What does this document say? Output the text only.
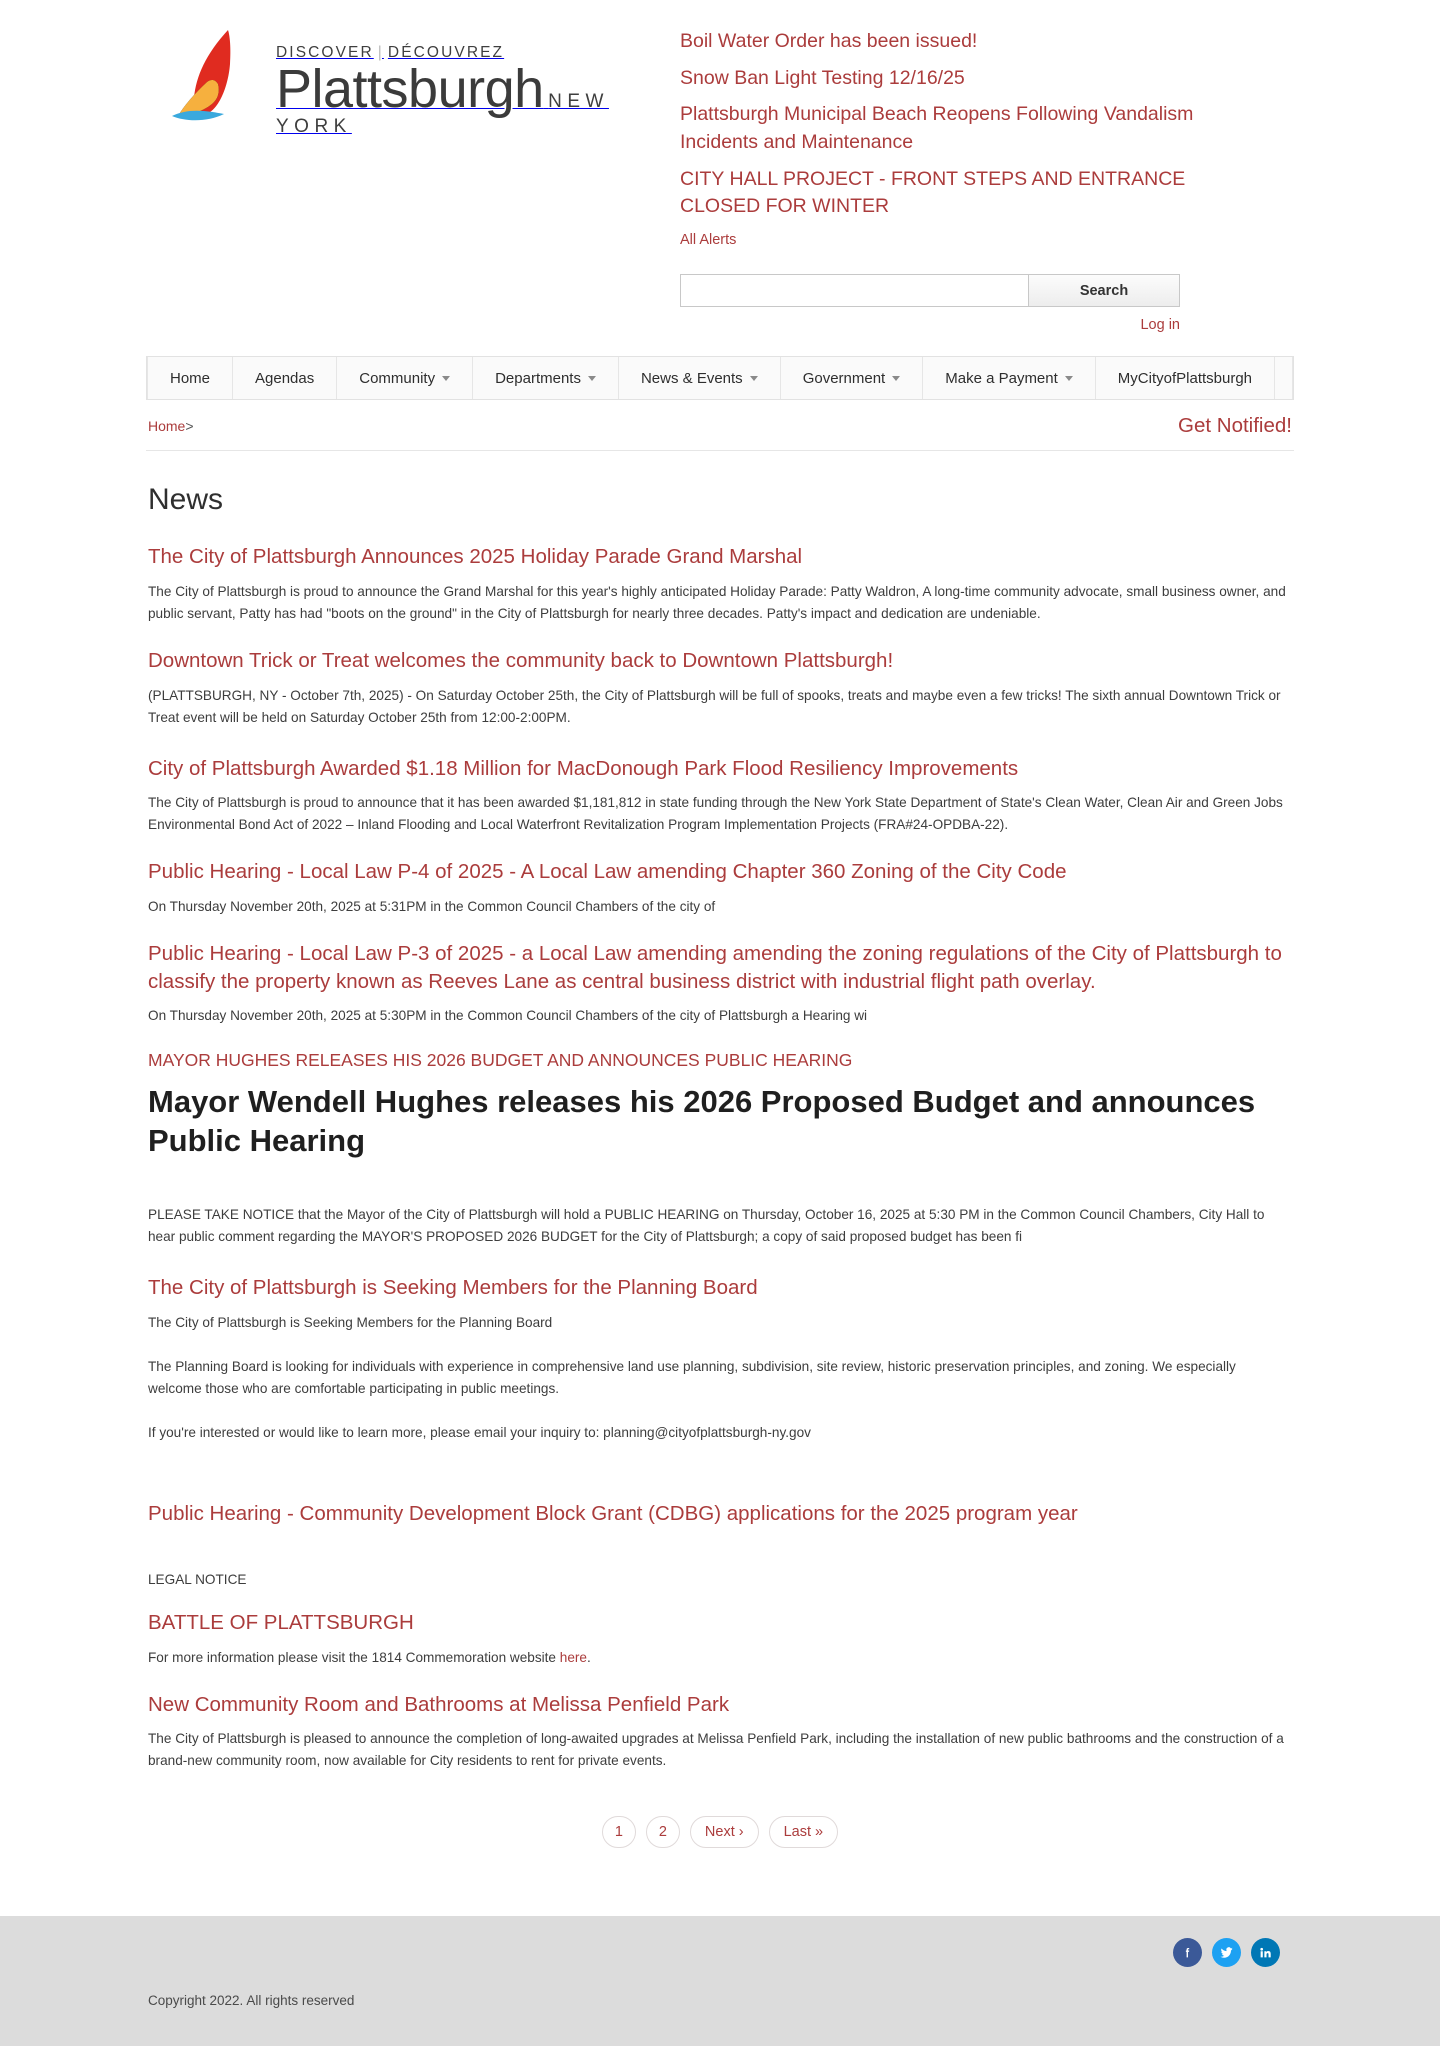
DISCOVER | DÉCOUVREZ Plattsburgh NEW YORK
Boil Water Order has been issued!
Snow Ban Light Testing 12/16/25
Plattsburgh Municipal Beach Reopens Following Vandalism Incidents and Maintenance
CITY HALL PROJECT - FRONT STEPS AND ENTRANCE CLOSED FOR WINTER
All Alerts
Search
Log in
Home	Agendas	Community	Departments	News & Events	Government	Make a Payment	MyCityofPlattsburgh
Home>	Get Notified!
News
The City of Plattsburgh Announces 2025 Holiday Parade Grand Marshal

The City of Plattsburgh is proud to announce the Grand Marshal for this year's highly anticipated Holiday Parade: Patty Waldron, A long-time community advocate, small business owner, and public servant, Patty has had "boots on the ground" in the City of Plattsburgh for nearly three decades. Patty's impact and dedication are undeniable.

Downtown Trick or Treat welcomes the community back to Downtown Plattsburgh!

(PLATTSBURGH, NY - October 7th, 2025) - On Saturday October 25th, the City of Plattsburgh will be full of spooks, treats and maybe even a few tricks! The sixth annual Downtown Trick or Treat event will be held on Saturday October 25th from 12:00-2:00PM.

City of Plattsburgh Awarded $1.18 Million for MacDonough Park Flood Resiliency Improvements

The City of Plattsburgh is proud to announce that it has been awarded $1,181,812 in state funding through the New York State Department of State's Clean Water, Clean Air and Green Jobs Environmental Bond Act of 2022 – Inland Flooding and Local Waterfront Revitalization Program Implementation Projects (FRA#24-OPDBA-22).

Public Hearing - Local Law P-4 of 2025 - A Local Law amending Chapter 360 Zoning of the City Code

On Thursday November 20th, 2025 at 5:31PM in the Common Council Chambers of the city of

Public Hearing - Local Law P-3 of 2025 - a Local Law amending amending the zoning regulations of the City of Plattsburgh to classify the property known as Reeves Lane as central business district with industrial flight path overlay.

On Thursday November 20th, 2025 at 5:30PM in the Common Council Chambers of the city of Plattsburgh a Hearing wi

MAYOR HUGHES RELEASES HIS 2026 BUDGET AND ANNOUNCES PUBLIC HEARING
Mayor Wendell Hughes releases his 2026 Proposed Budget and announces Public Hearing

PLEASE TAKE NOTICE that the Mayor of the City of Plattsburgh will hold a PUBLIC HEARING on Thursday, October 16, 2025 at 5:30 PM in the Common Council Chambers, City Hall to hear public comment regarding the MAYOR'S PROPOSED 2026 BUDGET for the City of Plattsburgh; a copy of said proposed budget has been fi

The City of Plattsburgh is Seeking Members for the Planning Board

The City of Plattsburgh is Seeking Members for the Planning Board

The Planning Board is looking for individuals with experience in comprehensive land use planning, subdivision, site review, historic preservation principles, and zoning. We especially welcome those who are comfortable participating in public meetings.

If you're interested or would like to learn more, please email your inquiry to: planning@cityofplattsburgh-ny.gov

Public Hearing - Community Development Block Grant (CDBG) applications for the 2025 program year

LEGAL NOTICE

BATTLE OF PLATTSBURGH

For more information please visit the 1814 Commemoration website here.

New Community Room and Bathrooms at Melissa Penfield Park

The City of Plattsburgh is pleased to announce the completion of long-awaited upgrades at Melissa Penfield Park, including the installation of new public bathrooms and the construction of a brand-new community room, now available for City residents to rent for private events.

1	2	Next ›	Last »
Copyright 2022. All rights reserved
